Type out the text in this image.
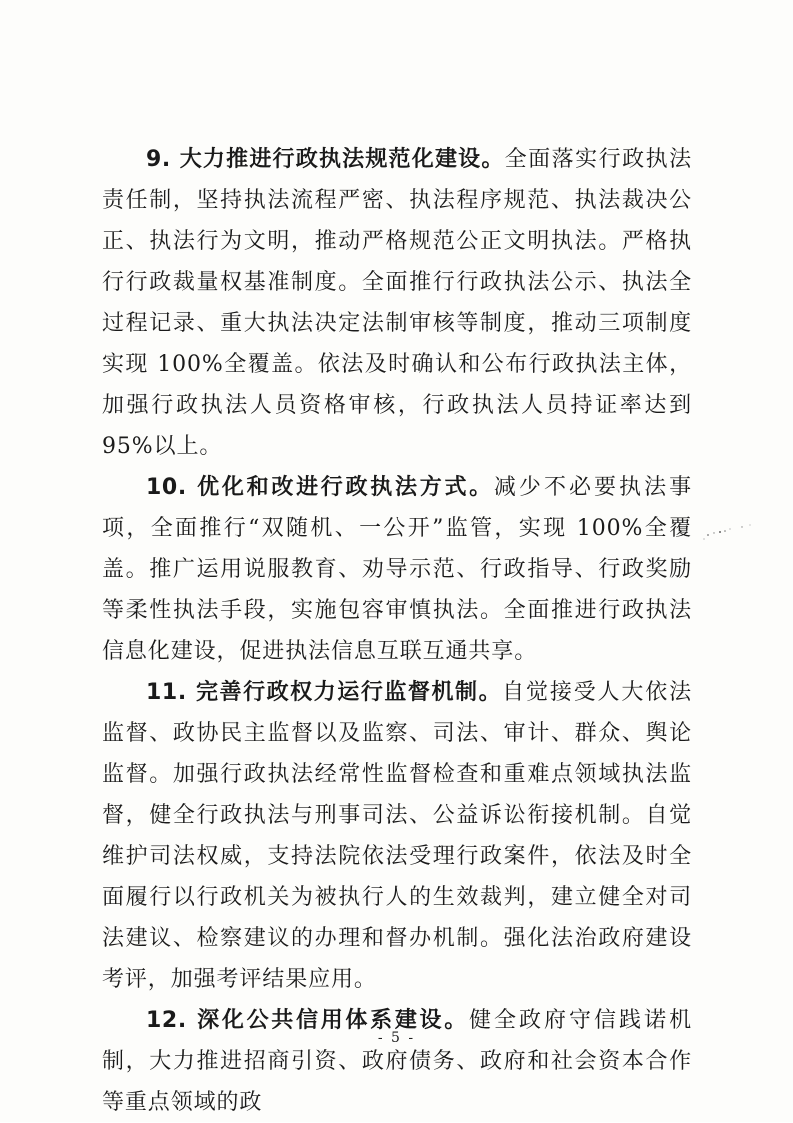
9. 大力推进行政执法规范化建设。全面落实行政执法责任制，坚持执法流程严密、执法程序规范、执法裁决公正、执法行为文明，推动严格规范公正文明执法。严格执行行政裁量权基准制度。全面推行行政执法公示、执法全过程记录、重大执法决定法制审核等制度，推动三项制度实现 100%全覆盖。依法及时确认和公布行政执法主体，加强行政执法人员资格审核，行政执法人员持证率达到 95%以上。

10. 优化和改进行政执法方式。减少不必要执法事项，全面推行“双随机、一公开”监管，实现 100%全覆盖。推广运用说服教育、劝导示范、行政指导、行政奖励等柔性执法手段，实施包容审慎执法。全面推进行政执法信息化建设，促进执法信息互联互通共享。

11. 完善行政权力运行监督机制。自觉接受人大依法监督、政协民主监督以及监察、司法、审计、群众、舆论监督。加强行政执法经常性监督检查和重难点领域执法监督，健全行政执法与刑事司法、公益诉讼衔接机制。自觉维护司法权威，支持法院依法受理行政案件，依法及时全面履行以行政机关为被执行人的生效裁判，建立健全对司法建议、检察建议的办理和督办机制。强化法治政府建设考评，加强考评结果应用。

12. 深化公共信用体系建设。健全政府守信践诺机制，大力推进招商引资、政府债务、政府和社会资本合作等重点领域的政

- 5 -
